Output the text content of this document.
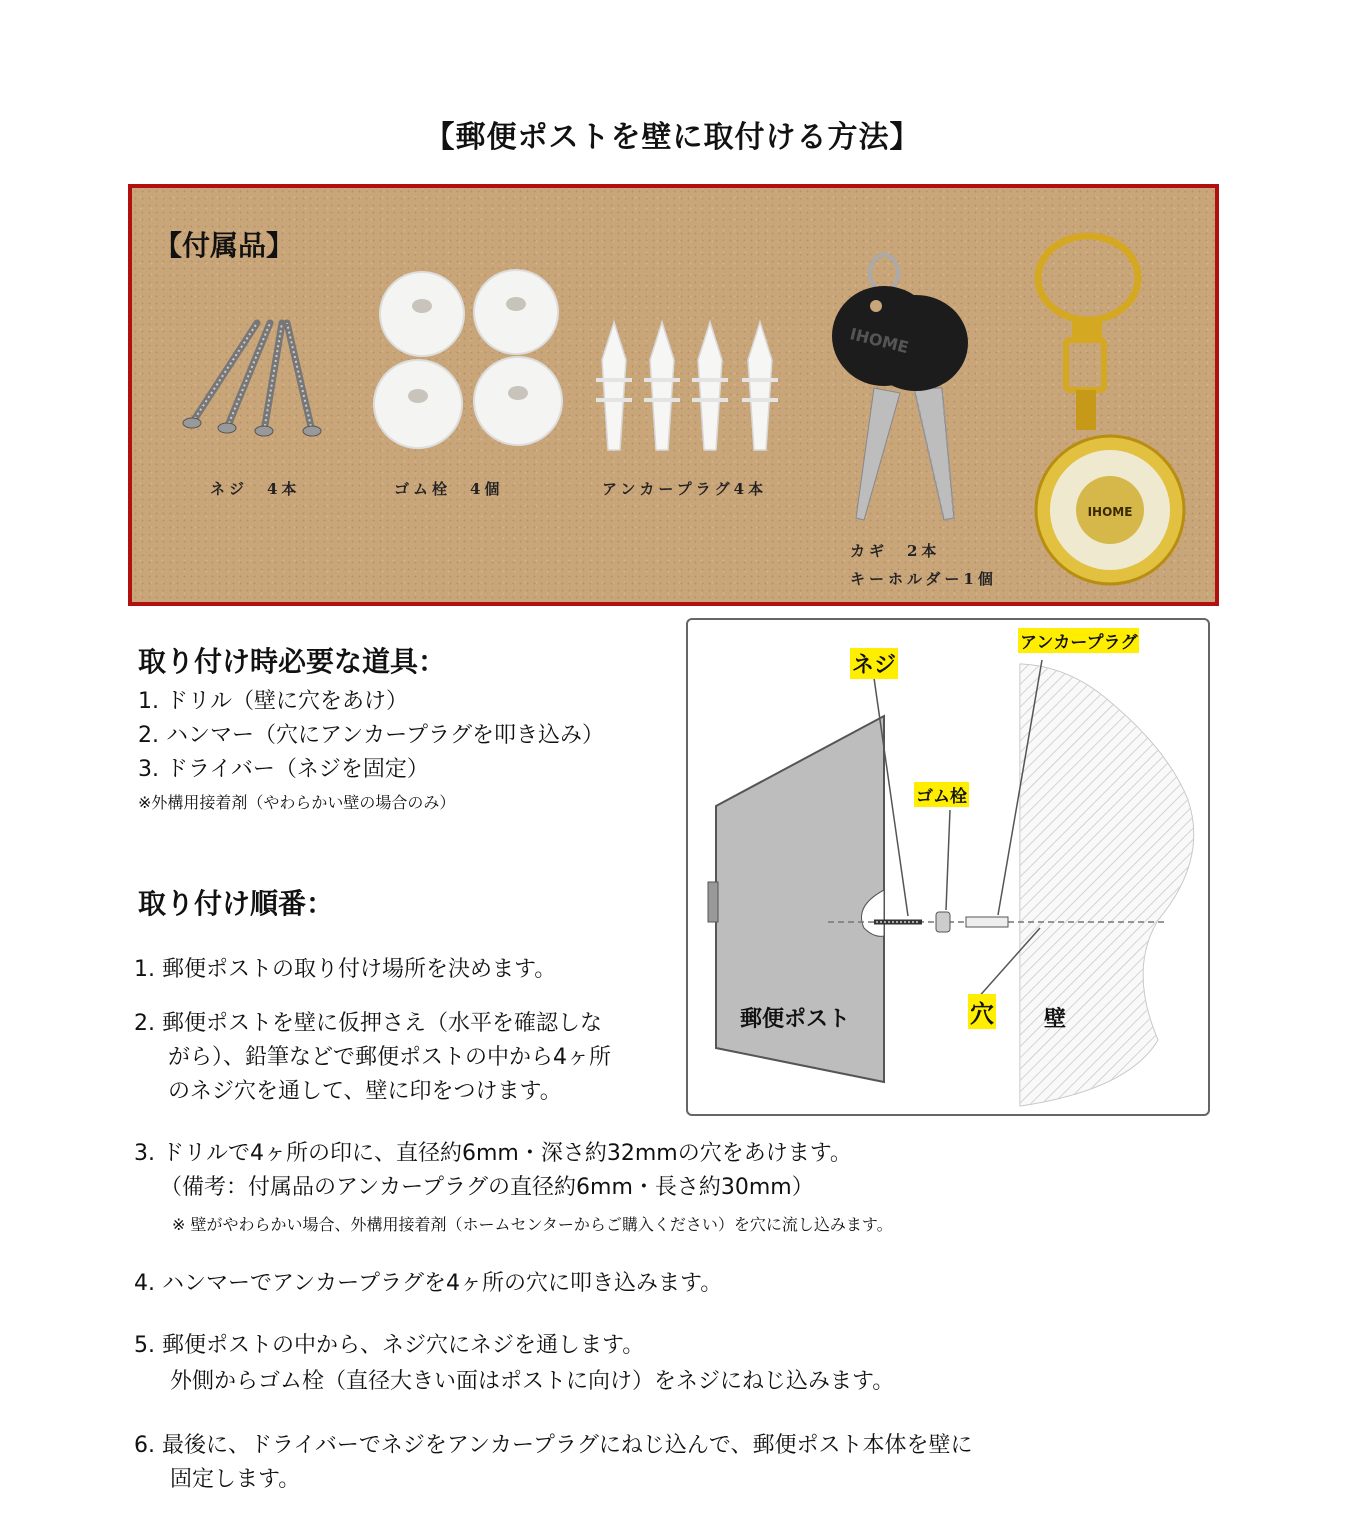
【郵便ポストを壁に取付ける方法】
【付属品】
ネジ　4本	ゴム栓　4個	アンカープラグ4本
IHOME
カギ　2本
キーホルダー1個
IHOME
取り付け時必要な道具：
1. ドリル（壁に穴をあけ）
2. ハンマー（穴にアンカープラグを叩き込み）
3. ドライバー（ネジを固定）
※外構用接着剤（やわらかい壁の場合のみ）
ネジ
アンカープラグ
ゴム栓
郵便ポスト	穴 壁
取り付け順番：
1. 郵便ポストの取り付け場所を決めます。
2. 郵便ポストを壁に仮押さえ（水平を確認しな
がら）、鉛筆などで郵便ポストの中から4ヶ所
のネジ穴を通して、壁に印をつけます。
3. ドリルで4ヶ所の印に、直径約6mm・深さ約32mmの穴をあけます。
（備考：付属品のアンカープラグの直径約6mm・長さ約30mm）
※ 壁がやわらかい場合、外構用接着剤（ホームセンターからご購入ください）を穴に流し込みます。
4. ハンマーでアンカープラグを4ヶ所の穴に叩き込みます。
5. 郵便ポストの中から、ネジ穴にネジを通します。
外側からゴム栓（直径大きい面はポストに向け）をネジにねじ込みます。
6. 最後に、ドライバーでネジをアンカープラグにねじ込んで、郵便ポスト本体を壁に
固定します。
